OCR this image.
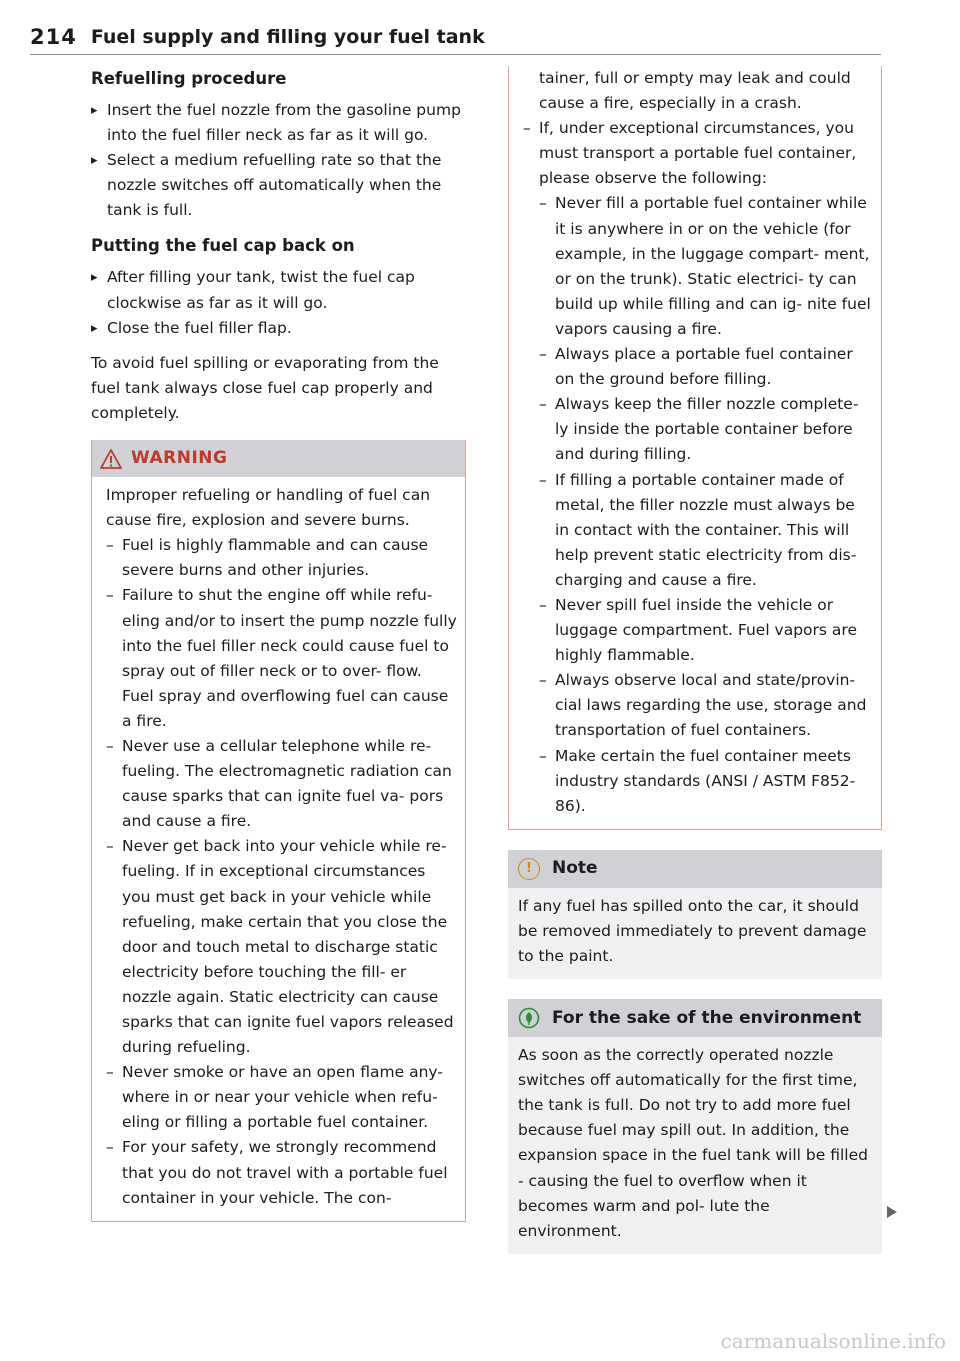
214 Fuel supply and filling your fuel tank
Refuelling procedure
▸ Insert the fuel nozzle from the gasoline pump into the fuel filler neck as far as it will go.
▸ Select a medium refuelling rate so that the nozzle switches off automatically when the tank is full.
Putting the fuel cap back on
▸ After filling your tank, twist the fuel cap clockwise as far as it will go.
▸ Close the fuel filler flap.

To avoid fuel spilling or evaporating from the fuel tank always close fuel cap properly and completely.

WARNING

Improper refueling or handling of fuel can cause fire, explosion and severe burns.

– Fuel is highly flammable and can cause severe burns and other injuries.
– Failure to shut the engine off while refu- eling and/or to insert the pump nozzle fully into the fuel filler neck could cause fuel to spray out of filler neck or to over- flow. Fuel spray and overflowing fuel can cause a fire.
– Never use a cellular telephone while re- fueling. The electromagnetic radiation can cause sparks that can ignite fuel va- pors and cause a fire.
– Never get back into your vehicle while re- fueling. If in exceptional circumstances you must get back in your vehicle while refueling, make certain that you close the door and touch metal to discharge static electricity before touching the fill- er nozzle again. Static electricity can cause sparks that can ignite fuel vapors released during refueling.
– Never smoke or have an open flame any- where in or near your vehicle when refu- eling or filling a portable fuel container.
– For your safety, we strongly recommend that you do not travel with a portable fuel container in your vehicle. The con-

tainer, full or empty may leak and could cause a fire, especially in a crash.

– If, under exceptional circumstances, you must transport a portable fuel container, please observe the following:
– Never fill a portable fuel container while it is anywhere in or on the vehicle (for example, in the luggage compart- ment, or on the trunk). Static electrici- ty can build up while filling and can ig- nite fuel vapors causing a fire.
– Always place a portable fuel container on the ground before filling.
– Always keep the filler nozzle complete- ly inside the portable container before and during filling.
– If filling a portable container made of metal, the filler nozzle must always be in contact with the container. This will help prevent static electricity from dis- charging and cause a fire.
– Never spill fuel inside the vehicle or luggage compartment. Fuel vapors are highly flammable.
– Always observe local and state/provin- cial laws regarding the use, storage and transportation of fuel containers.
– Make certain the fuel container meets industry standards (ANSI / ASTM F852-86).
!	Note

If any fuel has spilled onto the car, it should be removed immediately to prevent damage to the paint.

For the sake of the environment

As soon as the correctly operated nozzle switches off automatically for the first time, the tank is full. Do not try to add more fuel because fuel may spill out. In addition, the expansion space in the fuel tank will be filled - causing the fuel to overflow when it becomes warm and pol- lute the environment.

carmanualsonline.info
